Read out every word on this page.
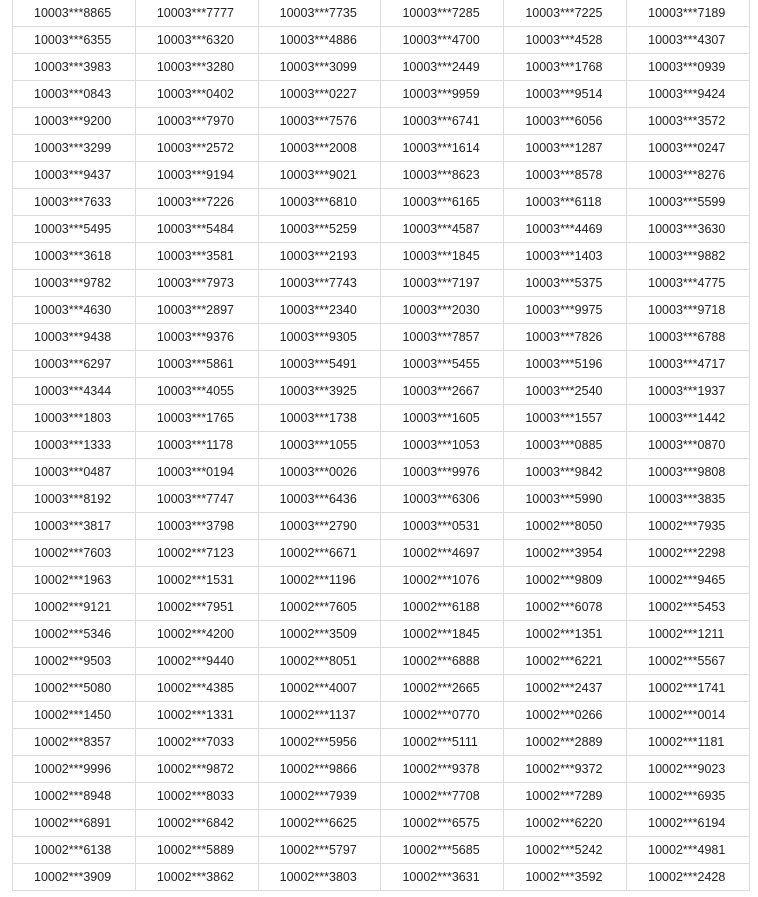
10003***8865	10003***7777	10003***7735	10003***7285	10003***7225	10003***7189
10003***6355	10003***6320	10003***4886	10003***4700	10003***4528	10003***4307
10003***3983	10003***3280	10003***3099	10003***2449	10003***1768	10003***0939
10003***0843	10003***0402	10003***0227	10003***9959	10003***9514	10003***9424
10003***9200	10003***7970	10003***7576	10003***6741	10003***6056	10003***3572
10003***3299	10003***2572	10003***2008	10003***1614	10003***1287	10003***0247
10003***9437	10003***9194	10003***9021	10003***8623	10003***8578	10003***8276
10003***7633	10003***7226	10003***6810	10003***6165	10003***6118	10003***5599
10003***5495	10003***5484	10003***5259	10003***4587	10003***4469	10003***3630
10003***3618	10003***3581	10003***2193	10003***1845	10003***1403	10003***9882
10003***9782	10003***7973	10003***7743	10003***7197	10003***5375	10003***4775
10003***4630	10003***2897	10003***2340	10003***2030	10003***9975	10003***9718
10003***9438	10003***9376	10003***9305	10003***7857	10003***7826	10003***6788
10003***6297	10003***5861	10003***5491	10003***5455	10003***5196	10003***4717
10003***4344	10003***4055	10003***3925	10003***2667	10003***2540	10003***1937
10003***1803	10003***1765	10003***1738	10003***1605	10003***1557	10003***1442
10003***1333	10003***1178	10003***1055	10003***1053	10003***0885	10003***0870
10003***0487	10003***0194	10003***0026	10003***9976	10003***9842	10003***9808
10003***8192	10003***7747	10003***6436	10003***6306	10003***5990	10003***3835
10003***3817	10003***3798	10003***2790	10003***0531	10002***8050	10002***7935
10002***7603	10002***7123	10002***6671	10002***4697	10002***3954	10002***2298
10002***1963	10002***1531	10002***1196	10002***1076	10002***9809	10002***9465
10002***9121	10002***7951	10002***7605	10002***6188	10002***6078	10002***5453
10002***5346	10002***4200	10002***3509	10002***1845	10002***1351	10002***1211
10002***9503	10002***9440	10002***8051	10002***6888	10002***6221	10002***5567
10002***5080	10002***4385	10002***4007	10002***2665	10002***2437	10002***1741
10002***1450	10002***1331	10002***1137	10002***0770	10002***0266	10002***0014
10002***8357	10002***7033	10002***5956	10002***5111	10002***2889	10002***1181
10002***9996	10002***9872	10002***9866	10002***9378	10002***9372	10002***9023
10002***8948	10002***8033	10002***7939	10002***7708	10002***7289	10002***6935
10002***6891	10002***6842	10002***6625	10002***6575	10002***6220	10002***6194
10002***6138	10002***5889	10002***5797	10002***5685	10002***5242	10002***4981
10002***3909	10002***3862	10002***3803	10002***3631	10002***3592	10002***2428
